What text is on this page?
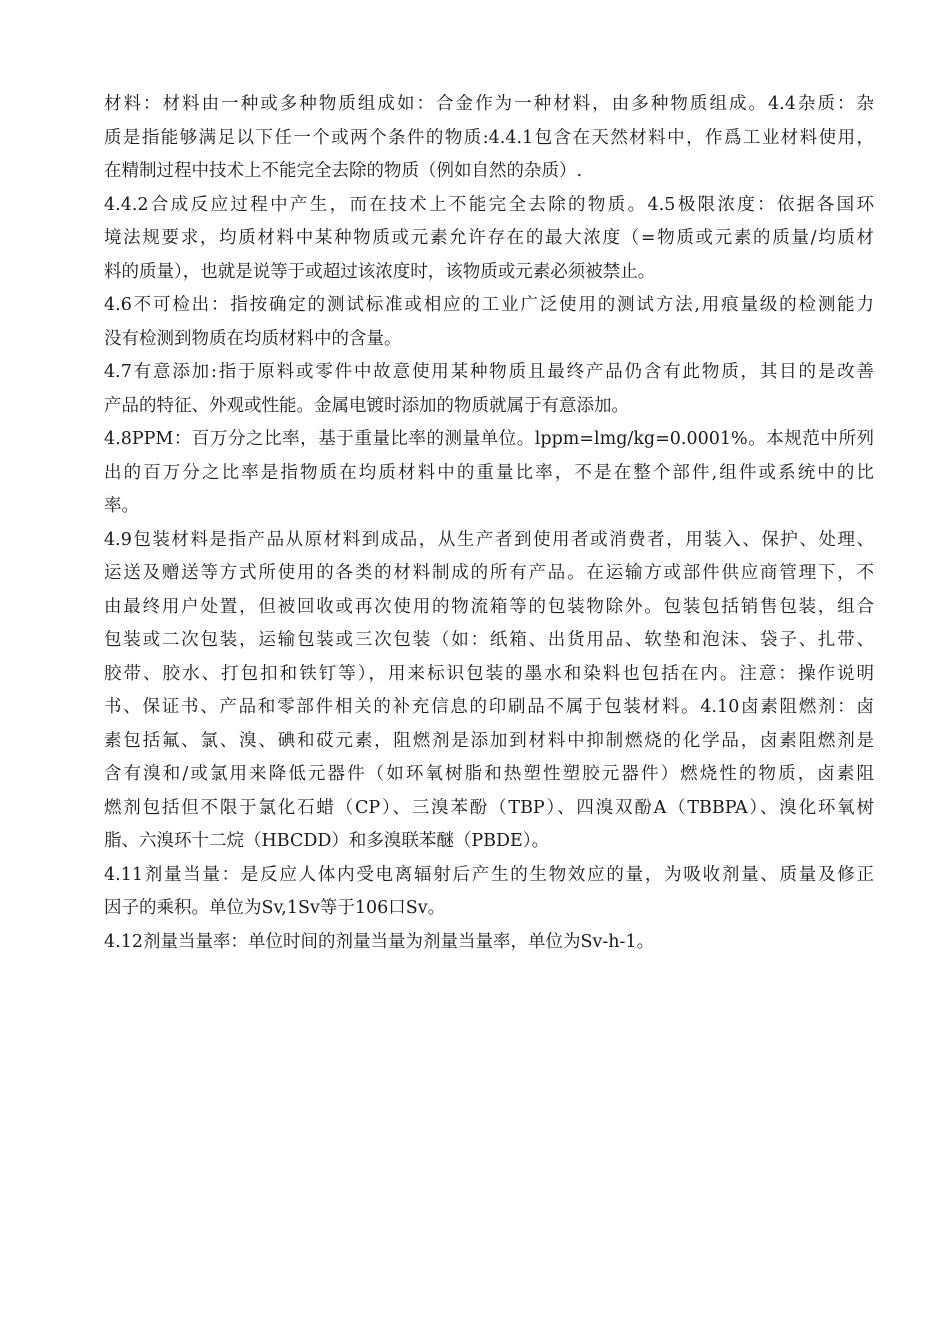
材料：材料由一种或多种物质组成如：合金作为一种材料，由多种物质组成。4.4杂质：杂
质是指能够满足以下任一个或两个条件的物质:4.4.1包含在天然材料中，作爲工业材料使用，
在精制过程中技术上不能完全去除的物质（例如自然的杂质）.

4.4.2合成反应过程中产生，而在技术上不能完全去除的物质。4.5极限浓度：依据各国环
境法规要求，均质材料中某种物质或元素允许存在的最大浓度（=物质或元素的质量/均质材
料的质量），也就是说等于或超过该浓度时，该物质或元素必须被禁止。

4.6不可检出：指按确定的测试标准或相应的工业广泛使用的测试方法,用痕量级的检测能力
没有检测到物质在均质材料中的含量。

4.7有意添加:指于原料或零件中故意使用某种物质且最终产品仍含有此物质，其目的是改善
产品的特征、外观或性能。金属电镀时添加的物质就属于有意添加。

4.8PPM：百万分之比率，基于重量比率的测量单位。lppm=lmg/kg=0.0001%。本规范中所列
出的百万分之比率是指物质在均质材料中的重量比率，不是在整个部件,组件或系统中的比
率。

4.9包装材料是指产品从原材料到成品，从生产者到使用者或消费者，用装入、保护、处理、
运送及赠送等方式所使用的各类的材料制成的所有产品。在运输方或部件供应商管理下，不
由最终用户处置，但被回收或再次使用的物流箱等的包装物除外。包装包括销售包装，组合
包装或二次包装，运输包装或三次包装（如：纸箱、出货用品、软垫和泡沫、袋子、扎带、
胶带、胶水、打包扣和铁钉等），用来标识包装的墨水和染料也包括在内。注意：操作说明
书、保证书、产品和零部件相关的补充信息的印刷品不属于包装材料。4.10卤素阻燃剂：卤
素包括氟、氯、溴、碘和砹元素，阻燃剂是添加到材料中抑制燃烧的化学品，卤素阻燃剂是
含有溴和/或氯用来降低元器件（如环氧树脂和热塑性塑胶元器件）燃烧性的物质，卤素阻
燃剂包括但不限于氯化石蜡（CP）、三溴苯酚（TBP）、四溴双酚A（TBBPA）、溴化环氧树
脂、六溴环十二烷（HBCDD）和多溴联苯醚（PBDE）。

4.11剂量当量：是反应人体内受电离辐射后产生的生物效应的量，为吸收剂量、质量及修正
因子的乘积。单位为Sv,1Sv等于106口Sv。

4.12剂量当量率：单位时间的剂量当量为剂量当量率，单位为Sv-h-1。
